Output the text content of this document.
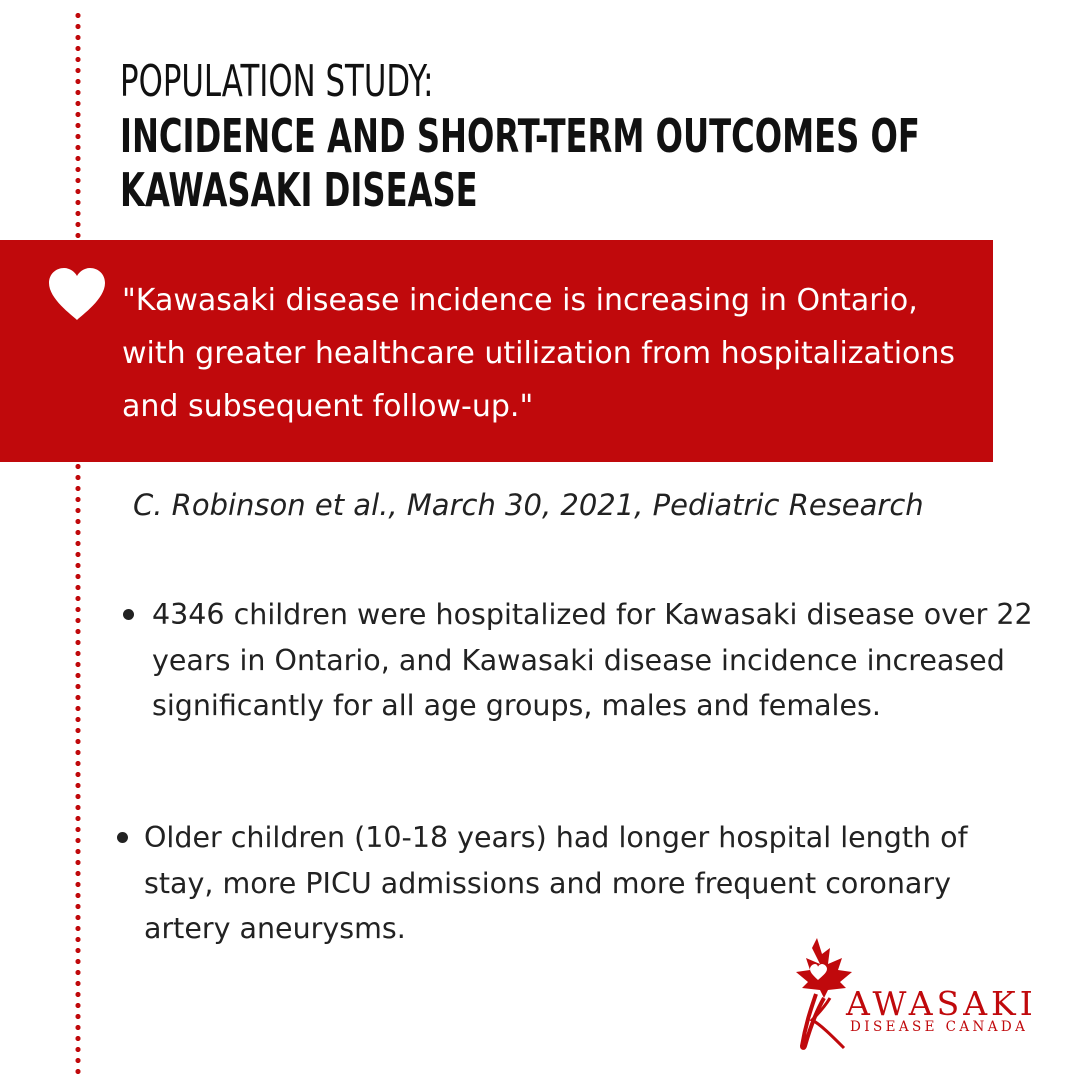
POPULATION STUDY:
INCIDENCE AND SHORT-TERM OUTCOMES OF
KAWASAKI DISEASE
"Kawasaki disease incidence is increasing in Ontario, with greater healthcare utilization from hospitalizations and subsequent follow-up."
C. Robinson et al., March 30, 2021, Pediatric Research
4346 children were hospitalized for Kawasaki disease over 22 years in Ontario, and Kawasaki disease incidence increased significantly for all age groups, males and females.
Older children (10-18 years) had longer hospital length of stay, more PICU admissions and more frequent coronary artery aneurysms.
AWASAKI
DISEASE CANADA
